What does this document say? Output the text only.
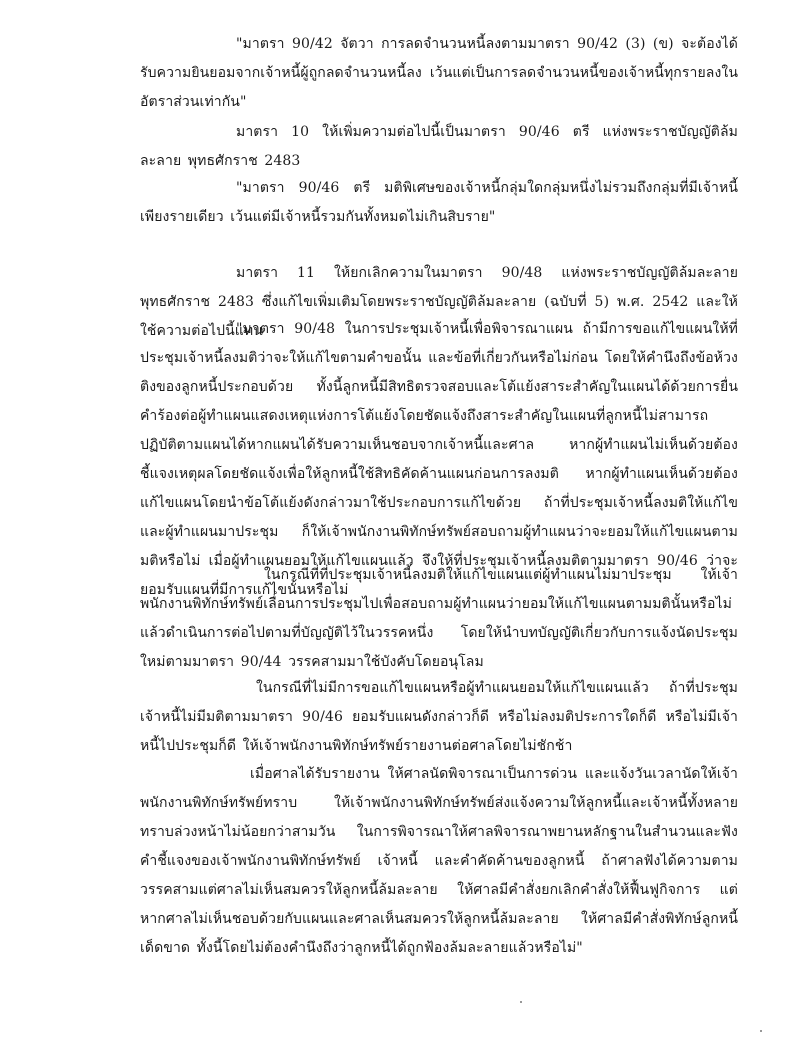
"มาตรา 90/42 จัตวา การลดจำนวนหนี้ลงตามมาตรา 90/42 (3) (ข) จะต้องได้รับความยินยอมจากเจ้าหนี้ผู้ถูกลดจำนวนหนี้ลง เว้นแต่เป็นการลดจำนวนหนี้ของเจ้าหนี้ทุกรายลงในอัตราส่วนเท่ากัน"

มาตรา 10 ให้เพิ่มความต่อไปนี้เป็นมาตรา 90/46 ตรี แห่งพระราชบัญญัติล้มละลาย พุทธศักราช 2483

"มาตรา 90/46 ตรี มติพิเศษของเจ้าหนี้กลุ่มใดกลุ่มหนึ่งไม่รวมถึงกลุ่มที่มีเจ้าหนี้เพียงรายเดียว เว้นแต่มีเจ้าหนี้รวมกันทั้งหมดไม่เกินสิบราย"

มาตรา 11 ให้ยกเลิกความในมาตรา 90/48 แห่งพระราชบัญญัติล้มละลาย พุทธศักราช 2483 ซึ่งแก้ไขเพิ่มเติมโดยพระราชบัญญัติล้มละลาย (ฉบับที่ 5) พ.ศ. 2542 และให้ใช้ความต่อไปนี้แทน

"มาตรา 90/48 ในการประชุมเจ้าหนี้เพื่อพิจารณาแผน ถ้ามีการขอแก้ไขแผนให้ที่ประชุมเจ้าหนี้ลงมติว่าจะให้แก้ไขตามคำขอนั้น และข้อที่เกี่ยวกันหรือไม่ก่อน โดยให้คำนึงถึงข้อห้วงติงของลูกหนี้ประกอบด้วย ทั้งนี้ลูกหนี้มีสิทธิตรวจสอบและโต้แย้งสาระสำคัญในแผนได้ด้วยการยื่นคำร้องต่อผู้ทำแผนแสดงเหตุแห่งการโต้แย้งโดยชัดแจ้งถึงสาระสำคัญในแผนที่ลูกหนี้ไม่สามารถปฏิบัติตามแผนได้หากแผนได้รับความเห็นชอบจากเจ้าหนี้และศาล หากผู้ทำแผนไม่เห็นด้วยต้องชี้แจงเหตุผลโดยชัดแจ้งเพื่อให้ลูกหนี้ใช้สิทธิคัดค้านแผนก่อนการลงมติ หากผู้ทำแผนเห็นด้วยต้องแก้ไขแผนโดยนำข้อโต้แย้งดังกล่าวมาใช้ประกอบการแก้ไขด้วย ถ้าที่ประชุมเจ้าหนี้ลงมติให้แก้ไขและผู้ทำแผนมาประชุม ก็ให้เจ้าพนักงานพิทักษ์ทรัพย์สอบถามผู้ทำแผนว่าจะยอมให้แก้ไขแผนตามมติหรือไม่ เมื่อผู้ทำแผนยอมให้แก้ไขแผนแล้ว จึงให้ที่ประชุมเจ้าหนี้ลงมติตามมาตรา 90/46 ว่าจะยอมรับแผนที่มีการแก้ไขนั้นหรือไม่

ในกรณีที่ที่ประชุมเจ้าหนี้ลงมติให้แก้ไขแผนแต่ผู้ทำแผนไม่มาประชุม ให้เจ้าพนักงานพิทักษ์ทรัพย์เลื่อนการประชุมไปเพื่อสอบถามผู้ทำแผนว่ายอมให้แก้ไขแผนตามมตินั้นหรือไม่ แล้วดำเนินการต่อไปตามที่บัญญัติไว้ในวรรคหนึ่ง โดยให้นำบทบัญญัติเกี่ยวกับการแจ้งนัดประชุมใหม่ตามมาตรา 90/44 วรรคสามมาใช้บังคับโดยอนุโลม

ในกรณีที่ไม่มีการขอแก้ไขแผนหรือผู้ทำแผนยอมให้แก้ไขแผนแล้ว ถ้าที่ประชุมเจ้าหนี้ไม่มีมติตามมาตรา 90/46 ยอมรับแผนดังกล่าวก็ดี หรือไม่ลงมติประการใดก็ดี หรือไม่มีเจ้าหนี้ไปประชุมก็ดี ให้เจ้าพนักงานพิทักษ์ทรัพย์รายงานต่อศาลโดยไม่ชักช้า

เมื่อศาลได้รับรายงาน ให้ศาลนัดพิจารณาเป็นการด่วน และแจ้งวันเวลานัดให้เจ้าพนักงานพิทักษ์ทรัพย์ทราบ ให้เจ้าพนักงานพิทักษ์ทรัพย์ส่งแจ้งความให้ลูกหนี้และเจ้าหนี้ทั้งหลายทราบล่วงหน้าไม่น้อยกว่าสามวัน ในการพิจารณาให้ศาลพิจารณาพยานหลักฐานในสำนวนและฟังคำชี้แจงของเจ้าพนักงานพิทักษ์ทรัพย์ เจ้าหนี้ และคำคัดค้านของลูกหนี้ ถ้าศาลฟังได้ความตามวรรคสามแต่ศาลไม่เห็นสมควรให้ลูกหนี้ล้มละลาย ให้ศาลมีคำสั่งยกเลิกคำสั่งให้ฟื้นฟูกิจการ แต่หากศาลไม่เห็นชอบด้วยกับแผนและศาลเห็นสมควรให้ลูกหนี้ล้มละลาย ให้ศาลมีคำสั่งพิทักษ์ลูกหนี้เด็ดขาด ทั้งนี้โดยไม่ต้องคำนึงถึงว่าลูกหนี้ได้ถูกฟ้องล้มละลายแล้วหรือไม่"
